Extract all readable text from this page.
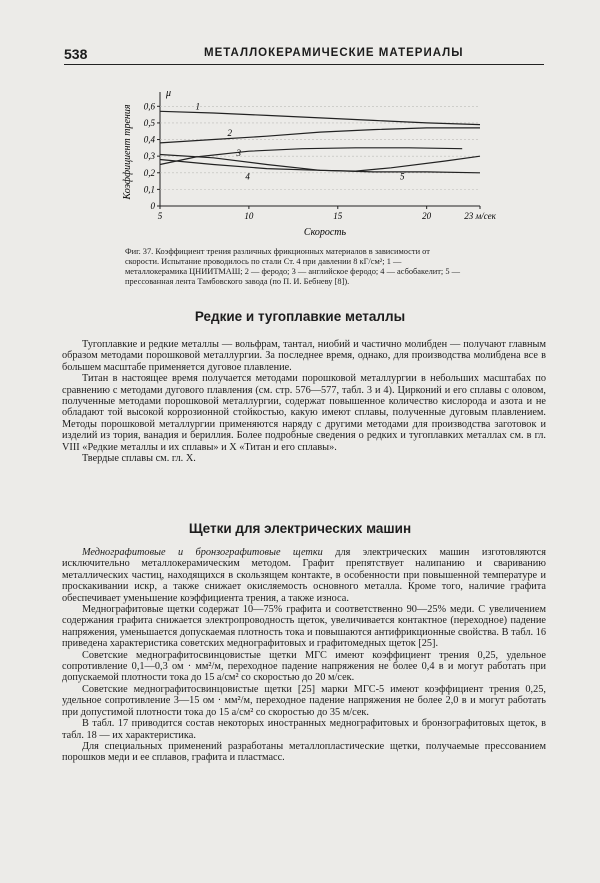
538	МЕТАЛЛОКЕРАМИЧЕСКИЕ МАТЕРИАЛЫ
0
0,1
0,2
0,3
0,4
0,5
0,6
5	10	15	20	23 м/сек
μ
Скорость
Коэффициент трения	1
2
3
4	5

Фиг. 37. Коэффициент трения различных фрикционных материалов в зависимости от скорости. Испытание проводилось по стали Ст. 4 при давлении 8 кГ/см²; 1 — металлокерамика ЦНИИТМАШ; 2 — феродо; 3 — английское феродо; 4 — асбобакелит; 5 — прессованная лента Тамбовского завода (по П. И. Бебневу [8]).

Редкие и тугоплавкие металлы

Тугоплавкие и редкие металлы — вольфрам, тантал, ниобий и частично молибден — получают главным образом методами порошковой металлургии. За последнее время, однако, для производства молибдена все в большем масштабе применяется дуговое плавление.

Титан в настоящее время получается методами порошковой металлургии в небольших масштабах по сравнению с методами дугового плавления (см. стр. 576—577, табл. 3 и 4). Цирконий и его сплавы с оловом, полученные методами порошковой металлургии, содержат повышенное количество кислорода и азота и не обладают той высокой коррозионной стойкостью, какую имеют сплавы, полученные дуговым плавлением. Методы порошковой металлургии применяются наряду с другими методами для производства заготовок и изделий из тория, ванадия и бериллия. Более подробные сведения о редких и тугоплавких металлах см. в гл. VIII «Редкие металлы и их сплавы» и X «Титан и его сплавы».

Твердые сплавы см. гл. X.

Щетки для электрических машин

Меднографитовые и бронзографитовые щетки для электрических машин изготовляются исключительно металлокерамическим методом. Графит препятствует налипанию и свариванию металлических частиц, находящихся в скользящем контакте, в особенности при повышенной температуре и проскакивании искр, а также снижает окисляемость основного металла. Кроме того, наличие графита обеспечивает уменьшение коэффициента трения, а также износа.

Меднографитовые щетки содержат 10—75% графита и соответственно 90—25% меди. С увеличением содержания графита снижается электропроводность щеток, увеличивается контактное (переходное) падение напряжения, уменьшается допускаемая плотность тока и повышаются антифрикционные свойства. В табл. 16 приведена характеристика советских меднографитовых и графитомедных щеток [25].

Советские меднографитосвинцовистые щетки МГС имеют коэффициент трения 0,25, удельное сопротивление 0,1—0,3 ом · мм²/м, переходное падение напряжения не более 0,4 в и могут работать при допускаемой плотности тока до 15 а/см² со скоростью до 20 м/сек.

Советские меднографитосвинцовистые щетки [25] марки МГС-5 имеют коэффициент трения 0,25, удельное сопротивление 3—15 ом · мм²/м, переходное падение напряжения не более 2,0 в и могут работать при допустимой плотности тока до 15 а/см² со скоростью до 35 м/сек.

В табл. 17 приводится состав некоторых иностранных меднографитовых и бронзографитовых щеток, в табл. 18 — их характеристика.

Для специальных применений разработаны металлопластические щетки, получаемые прессованием порошков меди и ее сплавов, графита и пластмасс.
